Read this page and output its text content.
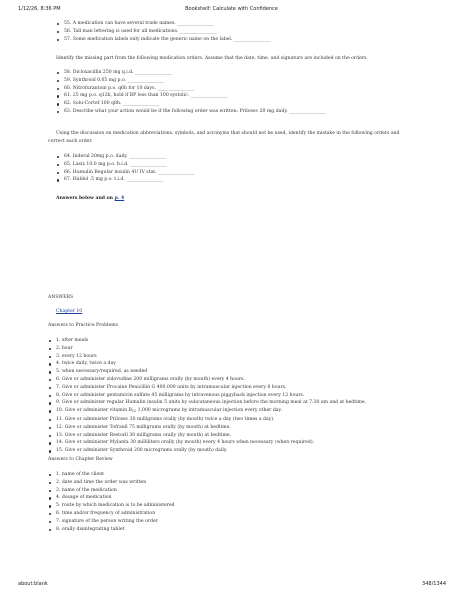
1/12/26, 8:36 PM	Bookshelf: Calculate with Confidence
55. A medication can have several trade names. ________________
56. Tall man lettering is used for all medications. ________________
57. Some medication labels only indicate the generic name on the label. ________________

Identify the missing part from the following medication orders. Assume that the date, time, and signature are included on the orders.

58. Dicloxacillin 250 mg q.i.d. ________________
59. Synthroid 0.05 mg p.o. ________________
60. Nitrofurantoin p.o. q6h for 10 days. ________________
61. 25 mg p.o. q12h, hold if BP less than 100 systolic. ________________
62. Solu-Cortef 100 q8h. ________________
63. Describe what your action would be if the following order was written: Prilosec 20 mg daily. ________________

Using the discussion on medication abbreviations, symbols, and acronyms that should not be used, identify the mistake in the following orders and

correct each order.

64. Inderal 20mg p.o. daily. ________________
65. Lasix 10.0 mg p.o. b.i.d. ________________
66. Humulin Regular insulin 4U IV stat. ________________
67. Haldol .5 mg p.o. t.i.d. ________________

Answers below and on p. 4

ANSWERS

Chapter 10

Answers to Practice Problems

1. after meals
2. hour
3. every 12 hours
4. twice daily, twice a day
5. when necessary/required, as needed
6. Give or administer zidovudine 200 milligrams orally (by mouth) every 4 hours.
7. Give or administer Procaine Penicillin G 400,000 units by intramuscular injection every 8 hours.
8. Give or administer gentamicin sulfate 45 milligrams by intravenous piggyback injection every 12 hours.
9. Give or administer regular Humulin insulin 5 units by subcutaneous injection before the morning meal at 7:30 am and at bedtime.
10. Give or administer vitamin $B_{12}$ 1,000 micrograms by intramuscular injection every other day.
11. Give or administer Prilosec 20 milligrams orally (by mouth) twice a day (two times a day).
12. Give or administer Tofranil 75 milligrams orally (by mouth) at bedtime.
13. Give or administer Restoril 30 milligrams orally (by mouth) at bedtime.
14. Give or administer Mylanta 30 milliliters orally (by mouth) every 4 hours when necessary (when required).
15. Give or administer Synthroid 200 micrograms orally (by mouth) daily.

Answers to Chapter Review

1. name of the client
2. date and time the order was written
3. name of the medication
4. dosage of medication
5. route by which medication is to be administered
6. time and/or frequency of administration
7. signature of the person writing the order
8. orally disintegrating tablet
about:blank	348/1344
